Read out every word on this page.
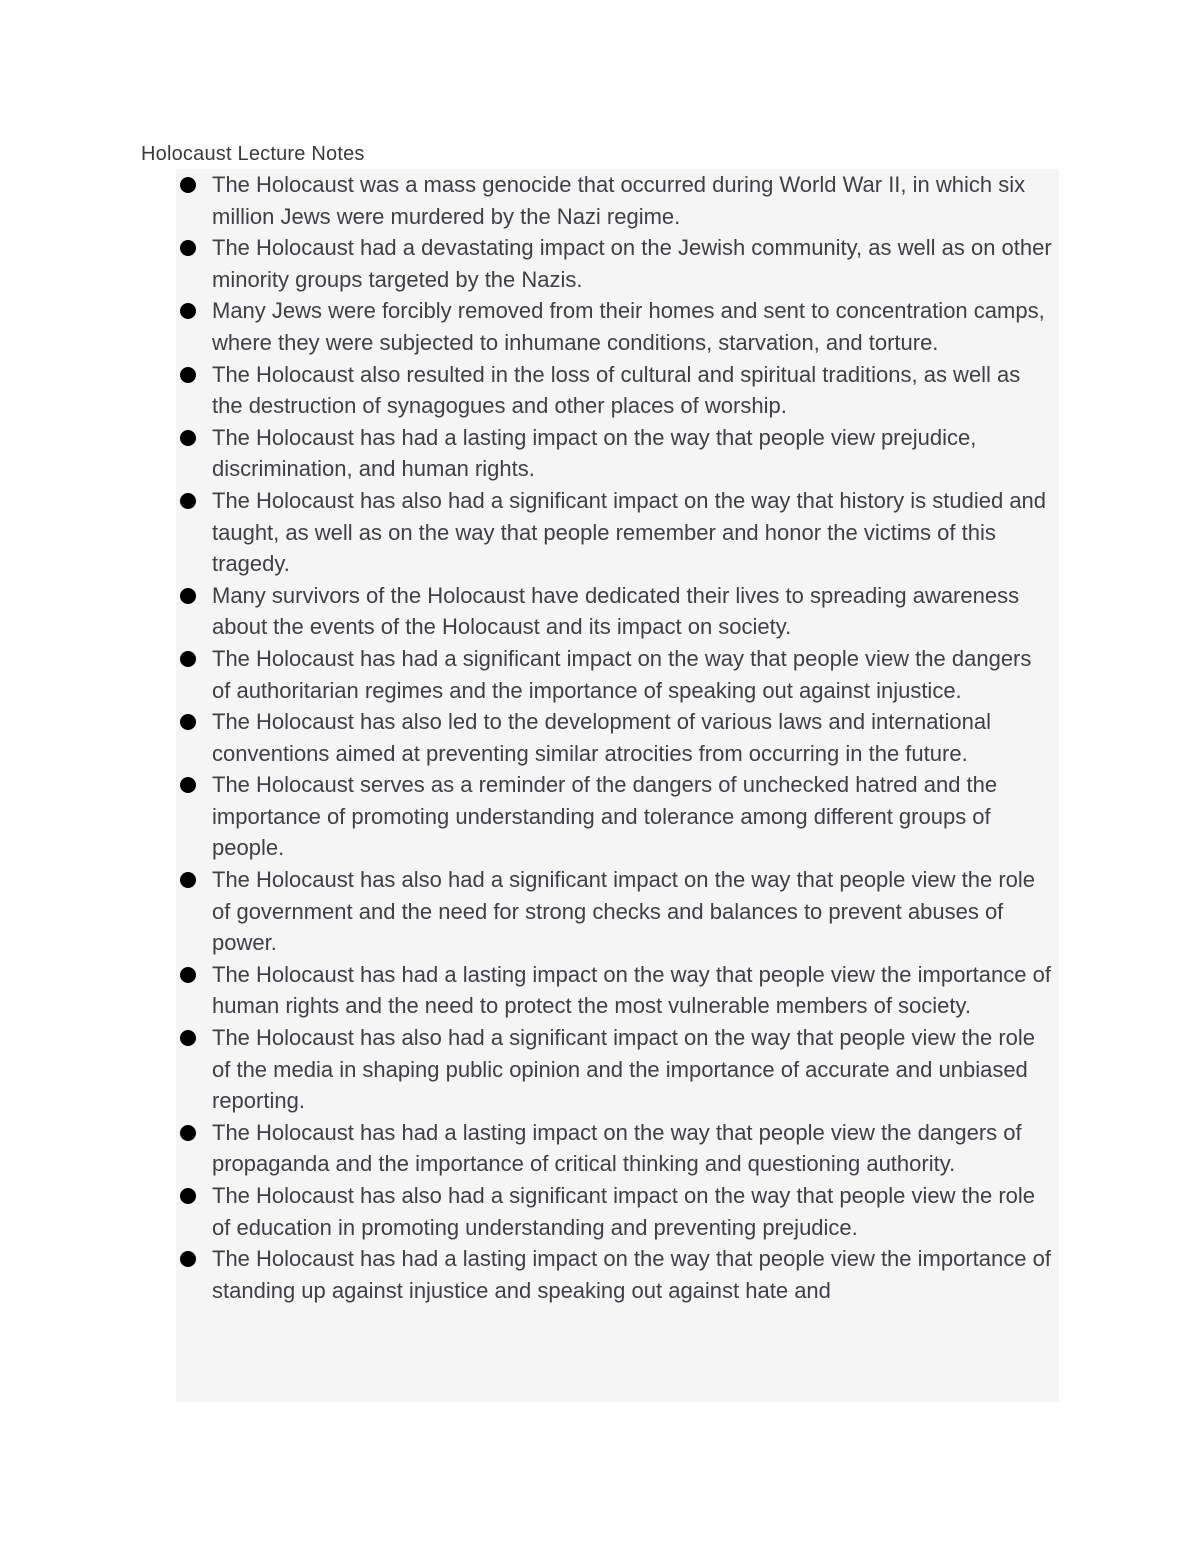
Holocaust Lecture Notes
The Holocaust was a mass genocide that occurred during World War II, in which six million Jews were murdered by the Nazi regime.
The Holocaust had a devastating impact on the Jewish community, as well as on other minority groups targeted by the Nazis.
Many Jews were forcibly removed from their homes and sent to concentration camps, where they were subjected to inhumane conditions, starvation, and torture.
The Holocaust also resulted in the loss of cultural and spiritual traditions, as well as the destruction of synagogues and other places of worship.
The Holocaust has had a lasting impact on the way that people view prejudice, discrimination, and human rights.
The Holocaust has also had a significant impact on the way that history is studied and taught, as well as on the way that people remember and honor the victims of this tragedy.
Many survivors of the Holocaust have dedicated their lives to spreading awareness about the events of the Holocaust and its impact on society.
The Holocaust has had a significant impact on the way that people view the dangers of authoritarian regimes and the importance of speaking out against injustice.
The Holocaust has also led to the development of various laws and international conventions aimed at preventing similar atrocities from occurring in the future.
The Holocaust serves as a reminder of the dangers of unchecked hatred and the importance of promoting understanding and tolerance among different groups of people.
The Holocaust has also had a significant impact on the way that people view the role of government and the need for strong checks and balances to prevent abuses of power.
The Holocaust has had a lasting impact on the way that people view the importance of human rights and the need to protect the most vulnerable members of society.
The Holocaust has also had a significant impact on the way that people view the role of the media in shaping public opinion and the importance of accurate and unbiased reporting.
The Holocaust has had a lasting impact on the way that people view the dangers of propaganda and the importance of critical thinking and questioning authority.
The Holocaust has also had a significant impact on the way that people view the role of education in promoting understanding and preventing prejudice.
The Holocaust has had a lasting impact on the way that people view the importance of standing up against injustice and speaking out against hate and
